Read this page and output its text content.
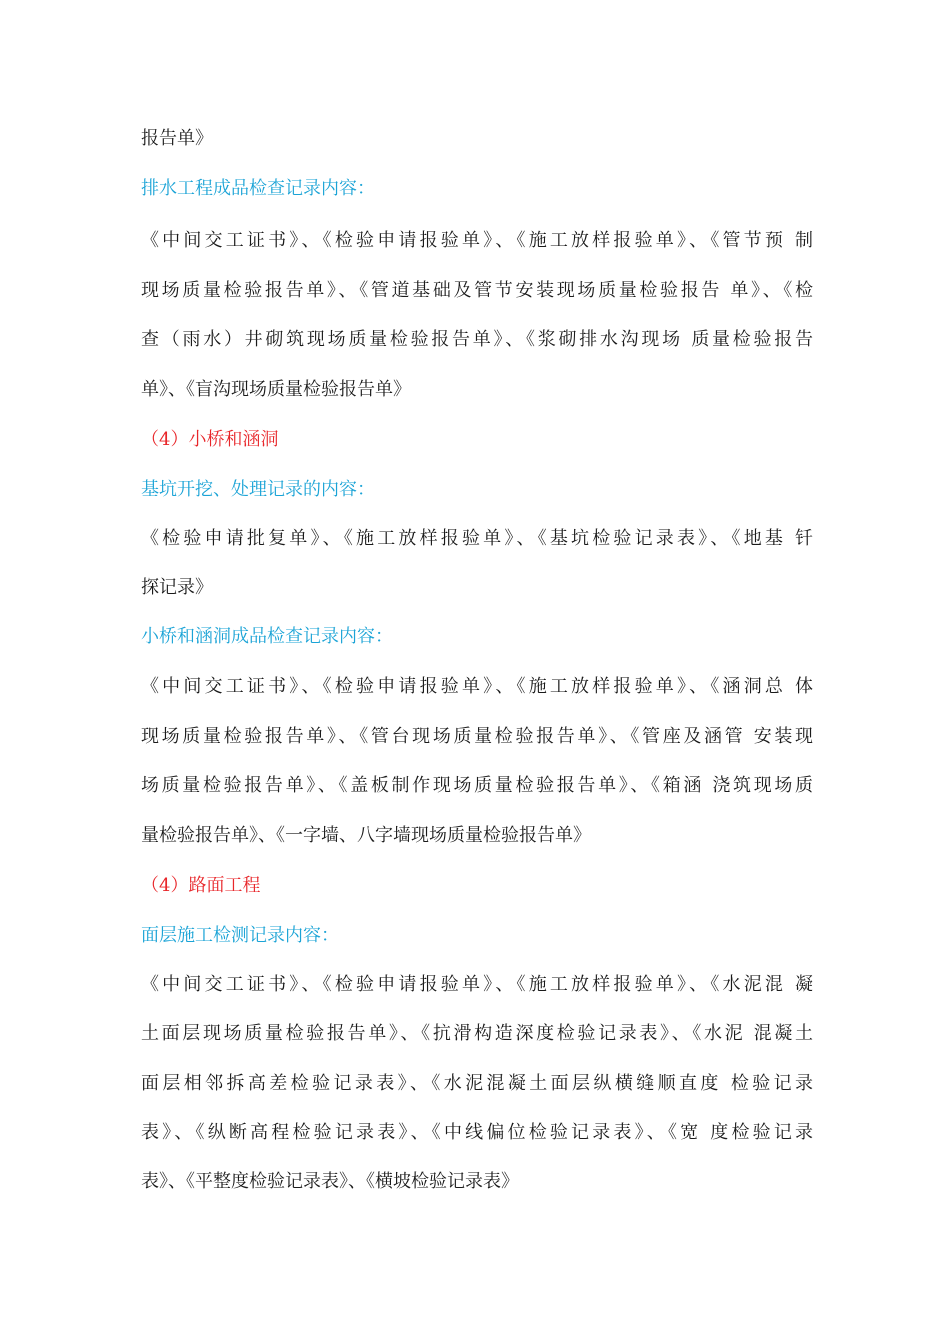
报告单》
排水工程成品检查记录内容：
《中间交工证书》、《检验申请报验单》、《施工放样报验单》、《管节预 制
现场质量检验报告单》、《管道基础及管节安装现场质量检验报告 单》、《检
查（雨水）井砌筑现场质量检验报告单》、《浆砌排水沟现场 质量检验报告
单》、《盲沟现场质量检验报告单》
（4）小桥和涵洞
基坑开挖、处理记录的内容：
《检验申请批复单》、《施工放样报验单》、《基坑检验记录表》、《地基 钎
探记录》
小桥和涵洞成品检查记录内容：
《中间交工证书》、《检验申请报验单》、《施工放样报验单》、《涵洞总 体
现场质量检验报告单》、《管台现场质量检验报告单》、《管座及涵管 安装现
场质量检验报告单》、《盖板制作现场质量检验报告单》、《箱涵 浇筑现场质
量检验报告单》、《一字墙、八字墙现场质量检验报告单》
（4）路面工程
面层施工检测记录内容：
《中间交工证书》、《检验申请报验单》、《施工放样报验单》、《水泥混 凝
土面层现场质量检验报告单》、《抗滑构造深度检验记录表》、《水泥 混凝土
面层相邻拆高差检验记录表》、《水泥混凝土面层纵横缝顺直度 检验记录
表》、《纵断高程检验记录表》、《中线偏位检验记录表》、《宽 度检验记录
表》、《平整度检验记录表》、《横坡检验记录表》
